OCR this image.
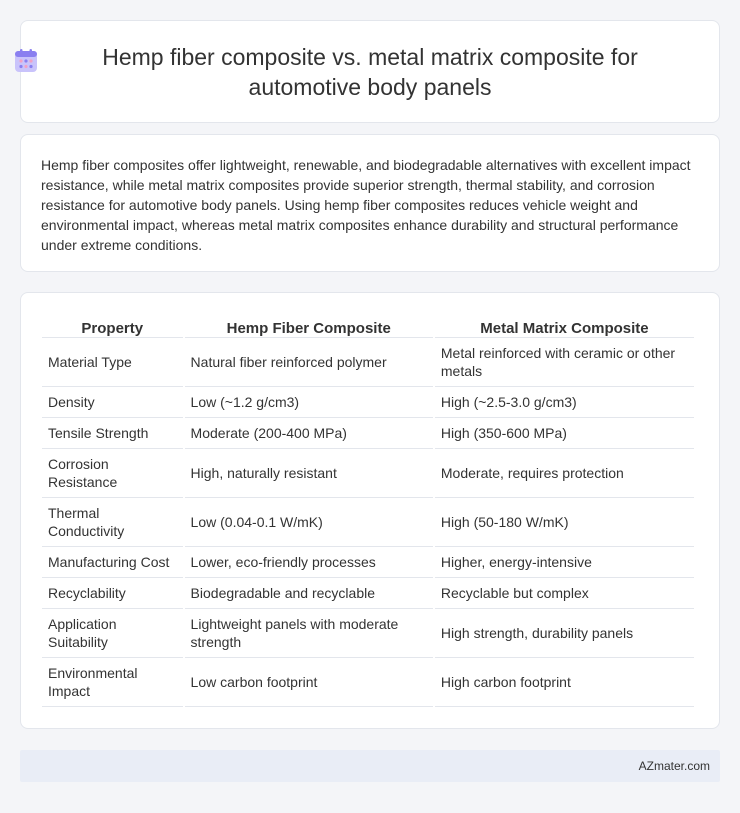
Hemp fiber composite vs. metal matrix composite for automotive body panels

Hemp fiber composites offer lightweight, renewable, and biodegradable alternatives with excellent impact resistance, while metal matrix composites provide superior strength, thermal stability, and corrosion resistance for automotive body panels. Using hemp fiber composites reduces vehicle weight and environmental impact, whereas metal matrix composites enhance durability and structural performance under extreme conditions.

Property	Hemp Fiber Composite	Metal Matrix Composite
Material Type	Natural fiber reinforced polymer	Metal reinforced with ceramic or other metals
Density	Low (~1.2 g/cm3)	High (~2.5-3.0 g/cm3)
Tensile Strength	Moderate (200-400 MPa)	High (350-600 MPa)
Corrosion Resistance	High, naturally resistant	Moderate, requires protection
Thermal Conductivity	Low (0.04-0.1 W/mK)	High (50-180 W/mK)
Manufacturing Cost	Lower, eco-friendly processes	Higher, energy-intensive
Recyclability	Biodegradable and recyclable	Recyclable but complex
Application Suitability	Lightweight panels with moderate strength	High strength, durability panels
Environmental Impact	Low carbon footprint	High carbon footprint
AZmater.com
